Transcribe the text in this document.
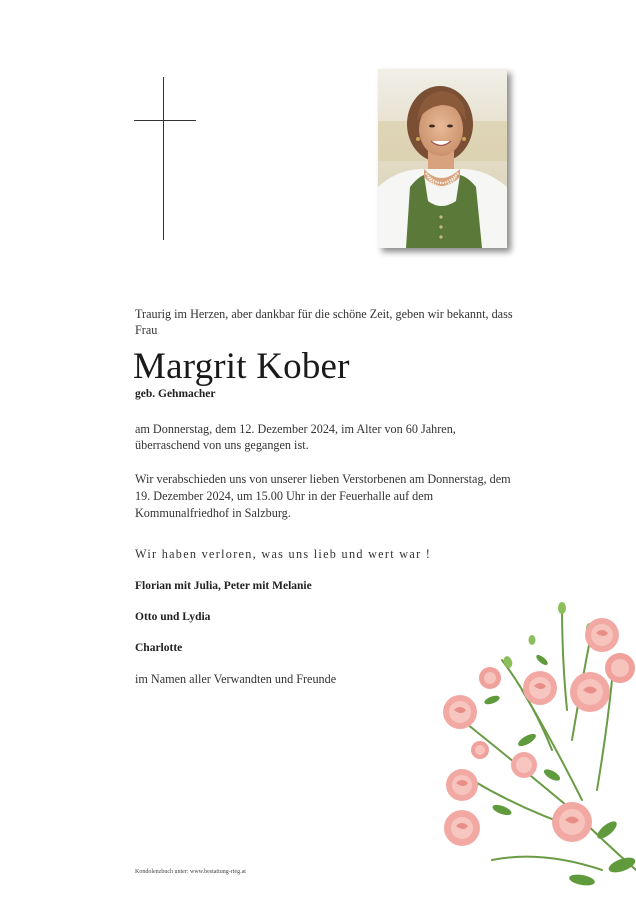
Traurig im Herzen, aber dankbar für die schöne Zeit, geben wir bekannt, dass Frau
Margrit Kober
geb. Gehmacher
am Donnerstag, dem 12. Dezember 2024, im Alter von 60 Jahren, überraschend von uns gegangen ist.
Wir verabschieden uns von unserer lieben Verstorbenen am Donnerstag, dem 19. Dezember 2024, um 15.00 Uhr in der Feuerhalle auf dem Kommunalfriedhof in Salzburg.
Wir haben verloren, was uns lieb und wert war !
Florian mit Julia, Peter mit Melanie
Otto und Lydia
Charlotte
im Namen aller Verwandten und Freunde
Kondolenzbuch unter: www.bestattung-rieg.at
